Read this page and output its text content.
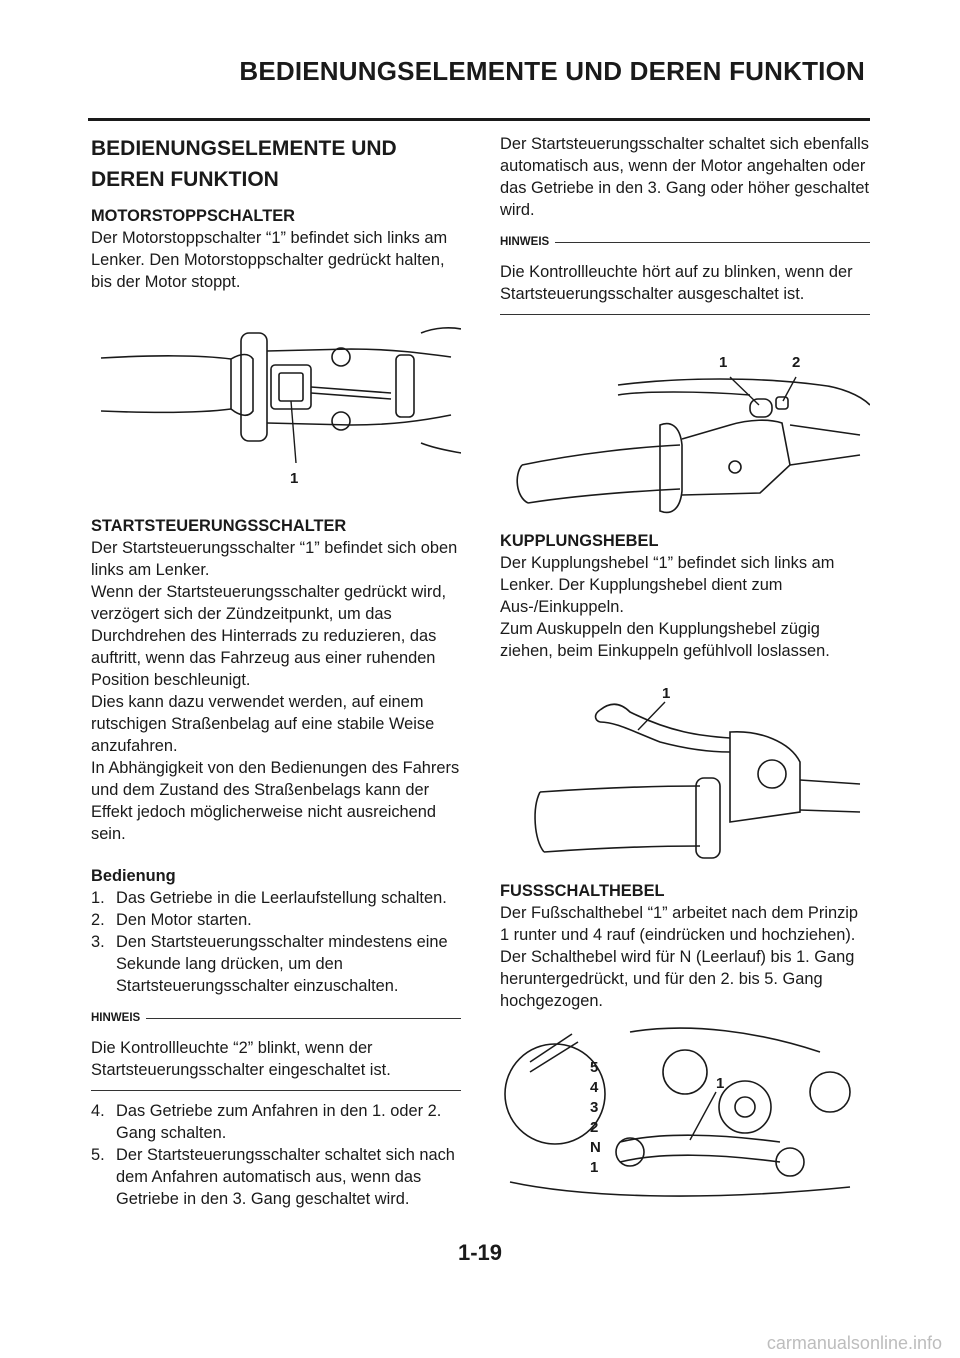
BEDIENUNGSELEMENTE UND DEREN FUNKTION
BEDIENUNGSELEMENTE UND
DEREN FUNKTION

MOTORSTOPPSCHALTER

Der Motorstoppschalter “1” befindet sich links am Lenker. Den Motorstoppschalter gedrückt halten, bis der Motor stoppt.

1

STARTSTEUERUNGSSCHALTER

Der Startsteuerungsschalter “1” befindet sich oben links am Lenker.

Wenn der Startsteuerungsschalter gedrückt wird, verzögert sich der Zündzeitpunkt, um das Durchdrehen des Hinterrads zu reduzieren, das auftritt, wenn das Fahrzeug aus einer ruhenden Position beschleunigt.

Dies kann dazu verwendet werden, auf einem rutschigen Straßenbelag auf eine stabile Weise anzufahren.

In Abhängigkeit von den Bedienungen des Fahrers und dem Zustand des Straßenbelags kann der Effekt jedoch möglicherweise nicht ausreichend sein.

Bedienung

1. Das Getriebe in die Leerlaufstellung schalten.
2. Den Motor starten.
3. Den Startsteuerungsschalter mindestens eine Sekunde lang drücken, um den Startsteuerungsschalter einzuschalten.
HINWEIS

Die Kontrollleuchte “2” blinkt, wenn der Startsteuerungsschalter eingeschaltet ist.

4. Das Getriebe zum Anfahren in den 1. oder 2. Gang schalten.
5. Der Startsteuerungsschalter schaltet sich nach dem Anfahren automatisch aus, wenn das Getriebe in den 3. Gang geschaltet wird.

Der Startsteuerungsschalter schaltet sich ebenfalls automatisch aus, wenn der Motor angehalten oder das Getriebe in den 3. Gang oder höher geschaltet wird.

HINWEIS

Die Kontrollleuchte hört auf zu blinken, wenn der Startsteuerungsschalter ausgeschaltet ist.

1	2

KUPPLUNGSHEBEL

Der Kupplungshebel “1” befindet sich links am Lenker. Der Kupplungshebel dient zum Aus-/Einkuppeln.

Zum Auskuppeln den Kupplungshebel zügig ziehen, beim Einkuppeln gefühlvoll loslassen.

1

FUSSSCHALTHEBEL

Der Fußschalthebel “1” arbeitet nach dem Prinzip 1 runter und 4 rauf (eindrücken und hochziehen).

Der Schalthebel wird für N (Leerlauf) bis 1. Gang heruntergedrückt, und für den 2. bis 5. Gang hochgezogen.

1
5
4
3
2
N
1
1-19
carmanualsonline.info
